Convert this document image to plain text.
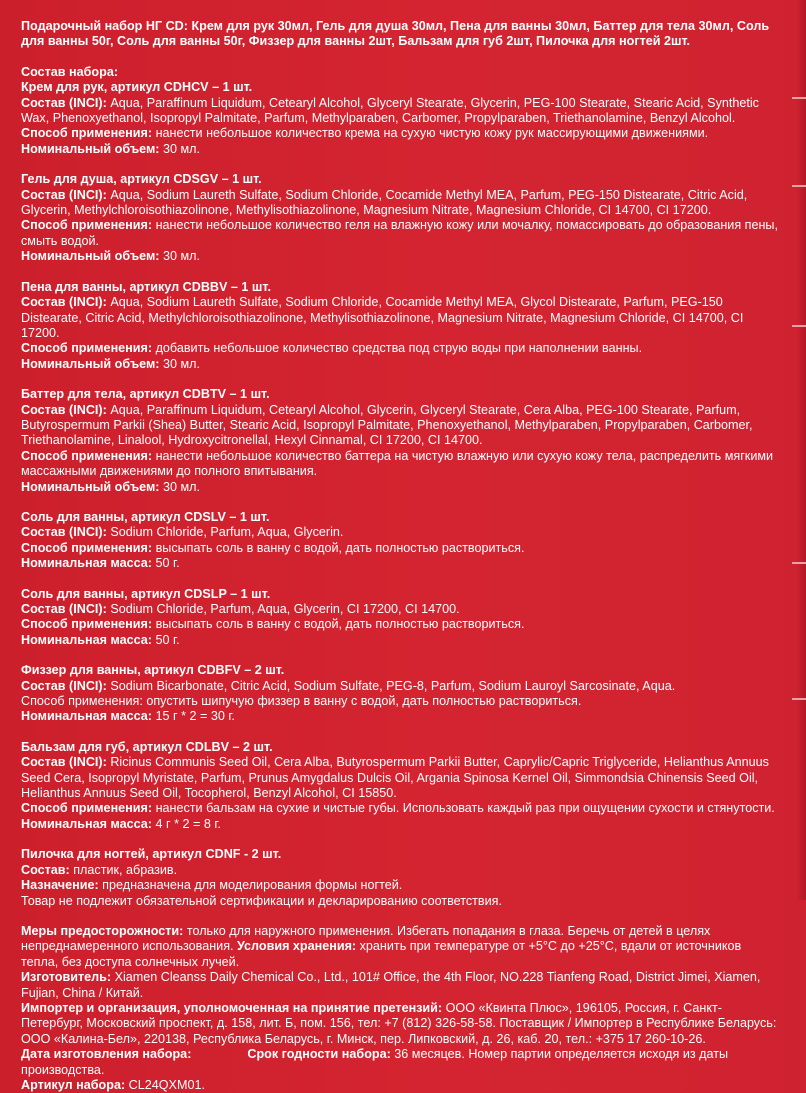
Подарочный набор НГ CD: Крем для рук 30мл, Гель для душа 30мл, Пена для ванны 30мл, Баттер для тела 30мл, Соль для ванны 50г, Соль для ванны 50г, Физзер для ванны 2шт, Бальзам для губ 2шт, Пилочка для ногтей 2шт.

Состав набора:

Крем для рук, артикул CDHCV – 1 шт.

Состав (INCI): Aqua, Paraffinum Liquidum, Cetearyl Alcohol, Glyceryl Stearate, Glycerin, PEG-100 Stearate, Stearic Acid, Synthetic Wax, Phenoxyethanol, Isopropyl Palmitate, Parfum, Methylparaben, Carbomer, Propylparaben, Triethanolamine, Benzyl Alcohol.

Способ применения: нанести небольшое количество крема на сухую чистую кожу рук массирующими движениями.

Номинальный объем: 30 мл.

Гель для душа, артикул CDSGV – 1 шт.

Состав (INCI): Aqua, Sodium Laureth Sulfate, Sodium Chloride, Cocamide Methyl MEA, Parfum, PEG-150 Distearate, Citric Acid, Glycerin, Methylchloroisothiazolinone, Methylisothiazolinone, Magnesium Nitrate, Magnesium Chloride, CI 14700, CI 17200.

Способ применения: нанести небольшое количество геля на влажную кожу или мочалку, помассировать до образования пены, смыть водой.

Номинальный объем: 30 мл.

Пена для ванны, артикул CDBBV – 1 шт.

Состав (INCI): Aqua, Sodium Laureth Sulfate, Sodium Chloride, Cocamide Methyl MEA, Glycol Distearate, Parfum, PEG-150 Distearate, Citric Acid, Methylchloroisothiazolinone, Methylisothiazolinone, Magnesium Nitrate, Magnesium Chloride, CI 14700, CI 17200.

Способ применения: добавить небольшое количество средства под струю воды при наполнении ванны.

Номинальный объем: 30 мл.

Баттер для тела, артикул CDBTV – 1 шт.

Состав (INCI): Aqua, Paraffinum Liquidum, Cetearyl Alcohol, Glycerin, Glyceryl Stearate, Cera Alba, PEG-100 Stearate, Parfum, Butyrospermum Parkii (Shea) Butter, Stearic Acid, Isopropyl Palmitate, Phenoxyethanol, Methylparaben, Propylparaben, Carbomer, Triethanolamine, Linalool, Hydroxycitronellal, Hexyl Cinnamal, CI 17200, CI 14700.

Способ применения: нанести небольшое количество баттера на чистую влажную или сухую кожу тела, распределить мягкими массажными движениями до полного впитывания.

Номинальный объем: 30 мл.

Соль для ванны, артикул CDSLV – 1 шт.

Состав (INCI): Sodium Chloride, Parfum, Aqua, Glycerin.

Способ применения: высыпать соль в ванну с водой, дать полностью раствориться.

Номинальная масса: 50 г.

Соль для ванны, артикул CDSLP – 1 шт.

Состав (INCI): Sodium Chloride, Parfum, Aqua, Glycerin, CI 17200, CI 14700.

Способ применения: высыпать соль в ванну с водой, дать полностью раствориться.

Номинальная масса: 50 г.

Физзер для ванны, артикул CDBFV – 2 шт.

Состав (INCI): Sodium Bicarbonate, Citric Acid, Sodium Sulfate, PEG-8, Parfum, Sodium Lauroyl Sarcosinate, Aqua.

Способ применения: опустить шипучую физзер в ванну с водой, дать полностью раствориться.

Номинальная масса: 15 г * 2 = 30 г.

Бальзам для губ, артикул CDLBV – 2 шт.

Состав (INCI): Ricinus Communis Seed Oil, Cera Alba, Butyrospermum Parkii Butter, Caprylic/Capric Triglyceride, Helianthus Annuus Seed Cera, Isopropyl Myristate, Parfum, Prunus Amygdalus Dulcis Oil, Argania Spinosa Kernel Oil, Simmondsia Chinensis Seed Oil, Helianthus Annuus Seed Oil, Tocopherol, Benzyl Alcohol, CI 15850.

Способ применения: нанести бальзам на сухие и чистые губы. Использовать каждый раз при ощущении сухости и стянутости.

Номинальная масса: 4 г * 2 = 8 г.

Пилочка для ногтей, артикул CDNF - 2 шт.

Состав: пластик, абразив.

Назначение: предназначена для моделирования формы ногтей.

Товар не подлежит обязательной сертификации и декларированию соответствия.

Меры предосторожности: только для наружного применения. Избегать попадания в глаза. Беречь от детей в целях непреднамеренного использования. Условия хранения: хранить при температуре от +5°С до +25°С, вдали от источников тепла, без доступа солнечных лучей.

Изготовитель: Xiamen Cleanss Daily Chemical Co., Ltd., 101# Office, the 4th Floor, NO.228 Tianfeng Road, District Jimei, Xiamen, Fujian, China / Китай.

Импортер и организация, уполномоченная на принятие претензий: ООО «Квинта Плюс», 196105, Россия, г. Санкт-Петербург, Московский проспект, д. 158, лит. Б, пом. 156, тел: +7 (812) 326-58-58. Поставщик / Импортер в Республике Беларусь: ООО «Калина-Бел», 220138, Республика Беларусь, г. Минск, пер. Липковский, д. 26, каб. 20, тел.: +375 17 260-10-26.

Дата изготовления набора:	Срок годности набора: 36 месяцев. Номер партии определяется исходя из даты производства.

Артикул набора: CL24QXM01.
